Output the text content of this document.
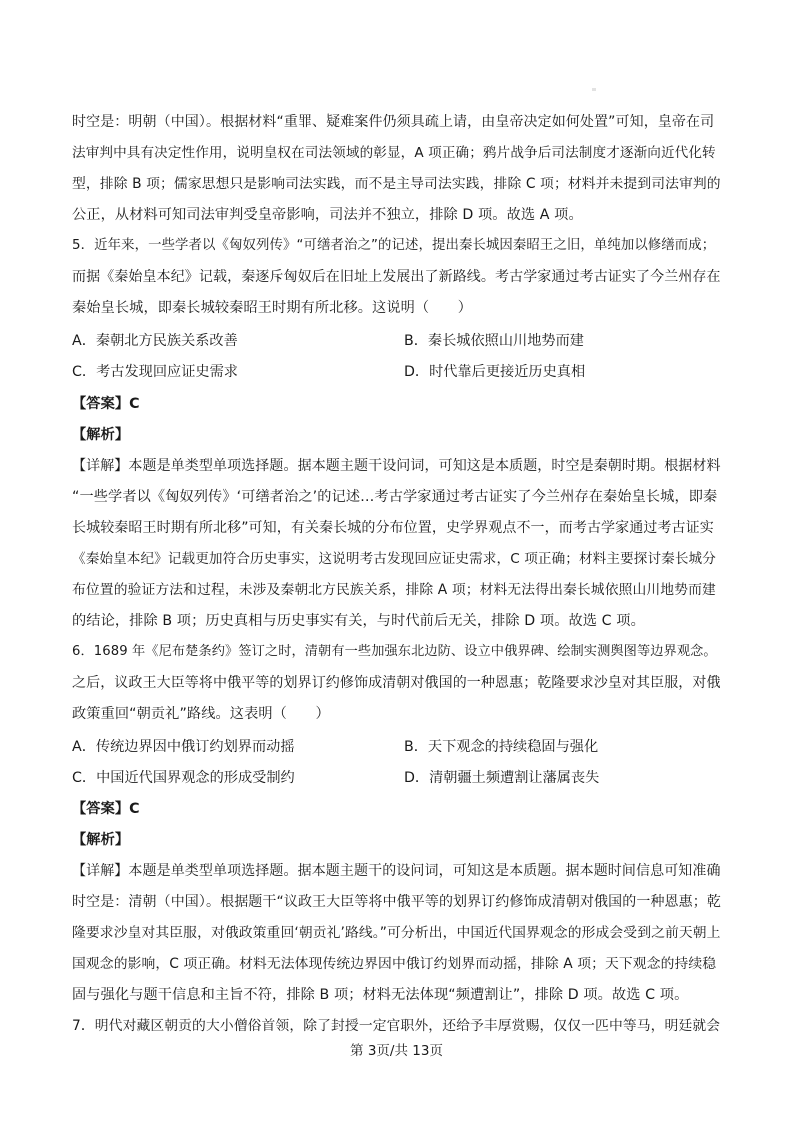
时空是：明朝（中国）。根据材料“重罪、疑难案件仍须具疏上请，由皇帝决定如何处置”可知，皇帝在司
法审判中具有决定性作用，说明皇权在司法领域的彰显，A 项正确；鸦片战争后司法制度才逐渐向近代化转
型，排除 B 项；儒家思想只是影响司法实践，而不是主导司法实践，排除 C 项；材料并未提到司法审判的
公正，从材料可知司法审判受皇帝影响，司法并不独立，排除 D 项。故选 A 项。
5．近年来，一些学者以《匈奴列传》“可缮者治之”的记述，提出秦长城因秦昭王之旧，单纯加以修缮而成；
而据《秦始皇本纪》记载，秦逐斥匈奴后在旧址上发展出了新路线。考古学家通过考古证实了今兰州存在
秦始皇长城，即秦长城较秦昭王时期有所北移。这说明（　　）
A．秦朝北方民族关系改善	B．秦长城依照山川地势而建
C．考古发现回应证史需求	D．时代靠后更接近历史真相
【答案】C
【解析】
【详解】本题是单类型单项选择题。据本题主题干设问词，可知这是本质题，时空是秦朝时期。根据材料
“一些学者以《匈奴列传》‘可缮者治之’的记述…考古学家通过考古证实了今兰州存在秦始皇长城，即秦
长城较秦昭王时期有所北移”可知，有关秦长城的分布位置，史学界观点不一，而考古学家通过考古证实
《秦始皇本纪》记载更加符合历史事实，这说明考古发现回应证史需求，C 项正确；材料主要探讨秦长城分
布位置的验证方法和过程，未涉及秦朝北方民族关系，排除 A 项；材料无法得出秦长城依照山川地势而建
的结论，排除 B 项；历史真相与历史事实有关，与时代前后无关，排除 D 项。故选 C 项。
6．1689 年《尼布楚条约》签订之时，清朝有一些加强东北边防、设立中俄界碑、绘制实测舆图等边界观念。
之后，议政王大臣等将中俄平等的划界订约修饰成清朝对俄国的一种恩惠；乾隆要求沙皇对其臣服，对俄
政策重回“朝贡礼”路线。这表明（　　）
A．传统边界因中俄订约划界而动摇	B．天下观念的持续稳固与强化
C．中国近代国界观念的形成受制约	D．清朝疆土频遭割让藩属丧失
【答案】C
【解析】
【详解】本题是单类型单项选择题。据本题主题干的设问词，可知这是本质题。据本题时间信息可知准确
时空是：清朝（中国）。根据题干“议政王大臣等将中俄平等的划界订约修饰成清朝对俄国的一种恩惠；乾
隆要求沙皇对其臣服，对俄政策重回‘朝贡礼’路线。”可分析出，中国近代国界观念的形成会受到之前天朝上
国观念的影响，C 项正确。材料无法体现传统边界因中俄订约划界而动摇，排除 A 项；天下观念的持续稳
固与强化与题干信息和主旨不符，排除 B 项；材料无法体现“频遭割让”，排除 D 项。故选 C 项。
7．明代对藏区朝贡的大小僧俗首领，除了封授一定官职外，还给予丰厚赏赐，仅仅一匹中等马，明廷就会
第 3页/共 13页
